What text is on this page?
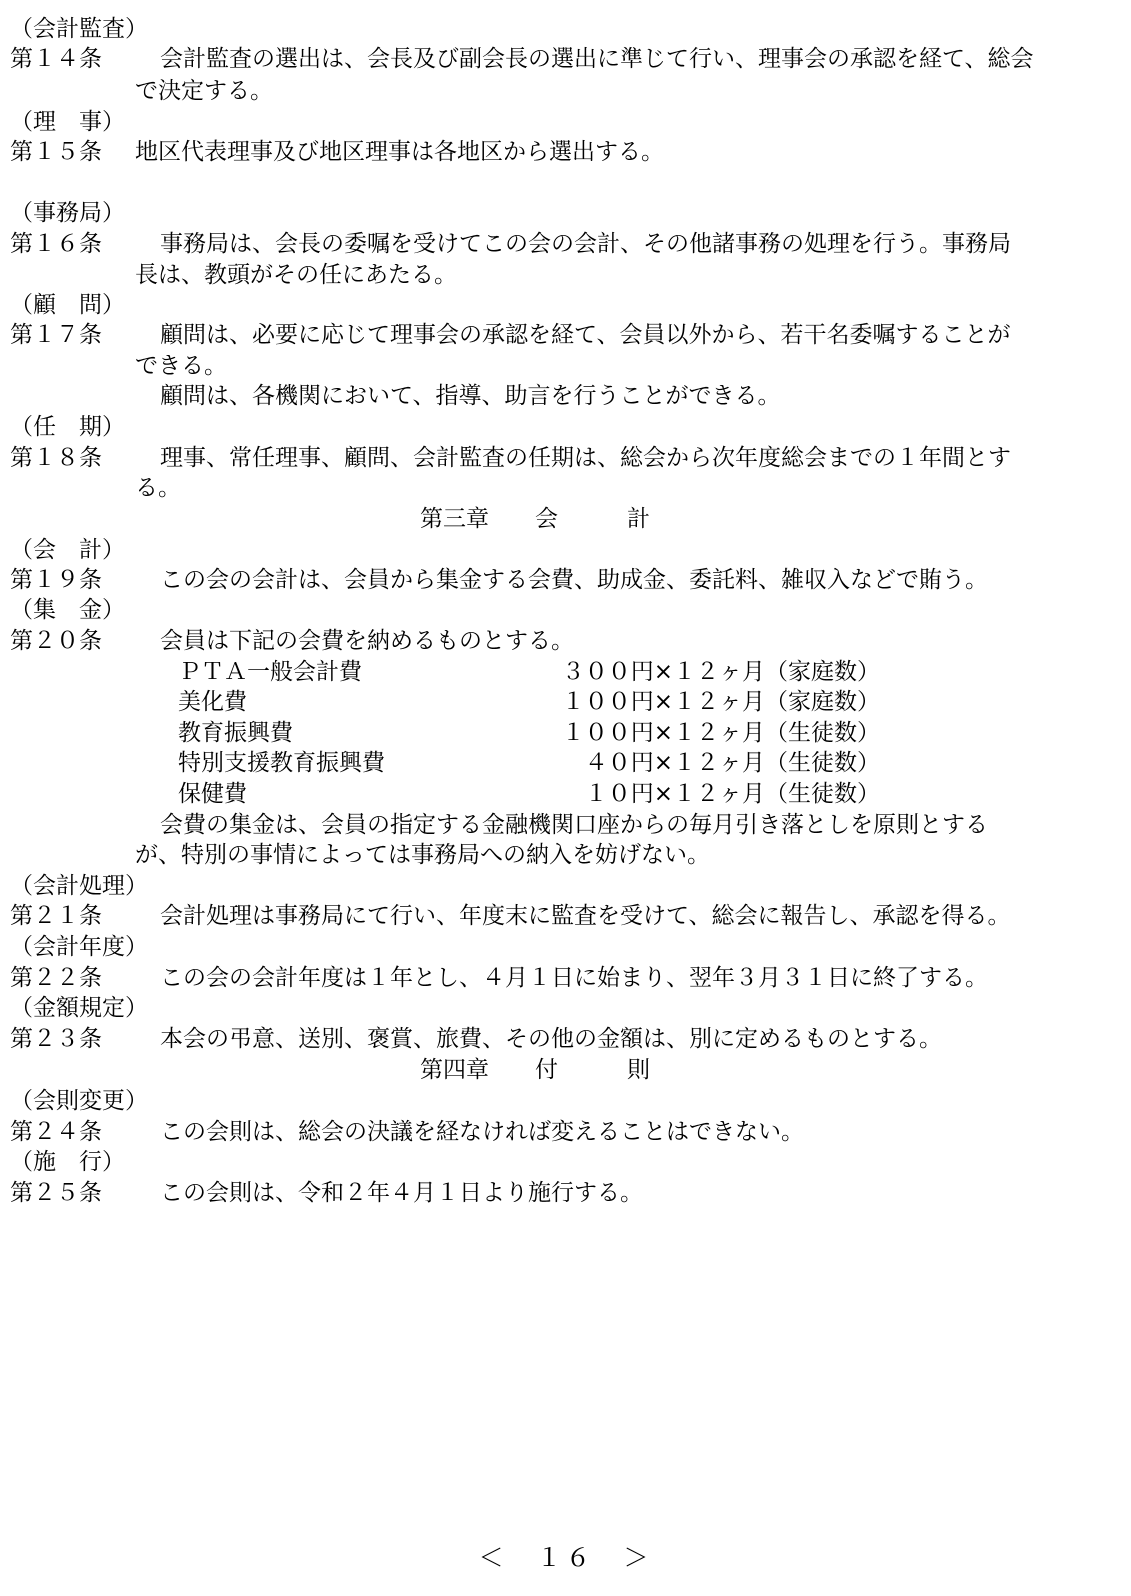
（会計監査）
第１４条	会計監査の選出は、会長及び副会長の選出に準じて行い、理事会の承認を経て、総会
で決定する。
（理　事）
第１５条 地区代表理事及び地区理事は各地区から選出する。
（事務局）
第１６条	事務局は、会長の委嘱を受けてこの会の会計、その他諸事務の処理を行う。事務局
長は、教頭がその任にあたる。
（顧　問）
第１７条	顧問は、必要に応じて理事会の承認を経て、会員以外から、若干名委嘱することが
できる。
顧問は、各機関において、指導、助言を行うことができる。
（任　期）
第１８条	理事、常任理事、顧問、会計監査の任期は、総会から次年度総会までの１年間とす
る。
第三章　　会　　　計
（会　計）
第１９条	この会の会計は、会員から集金する会費、助成金、委託料、雑収入などで賄う。
（集　金）
第２０条	会員は下記の会費を納めるものとする。
ＰＴＡ一般会計費	３００円×１２ヶ月（家庭数）
美化費	１００円×１２ヶ月（家庭数）
教育振興費	１００円×１２ヶ月（生徒数）
特別支援教育振興費	４０円×１２ヶ月（生徒数）
保健費	１０円×１２ヶ月（生徒数）
会費の集金は、会員の指定する金融機関口座からの毎月引き落としを原則とする
が、特別の事情によっては事務局への納入を妨げない。
（会計処理）
第２１条	会計処理は事務局にて行い、年度末に監査を受けて、総会に報告し、承認を得る。
（会計年度）
第２２条	この会の会計年度は１年とし、４月１日に始まり、翌年３月３１日に終了する。
（金額規定）
第２３条	本会の弔意、送別、褒賞、旅費、その他の金額は、別に定めるものとする。
第四章　　付　　　則
（会則変更）
第２４条	この会則は、総会の決議を経なければ変えることはできない。
（施　行）
第２５条	この会則は、令和２年４月１日より施行する。
＜　１６　＞
